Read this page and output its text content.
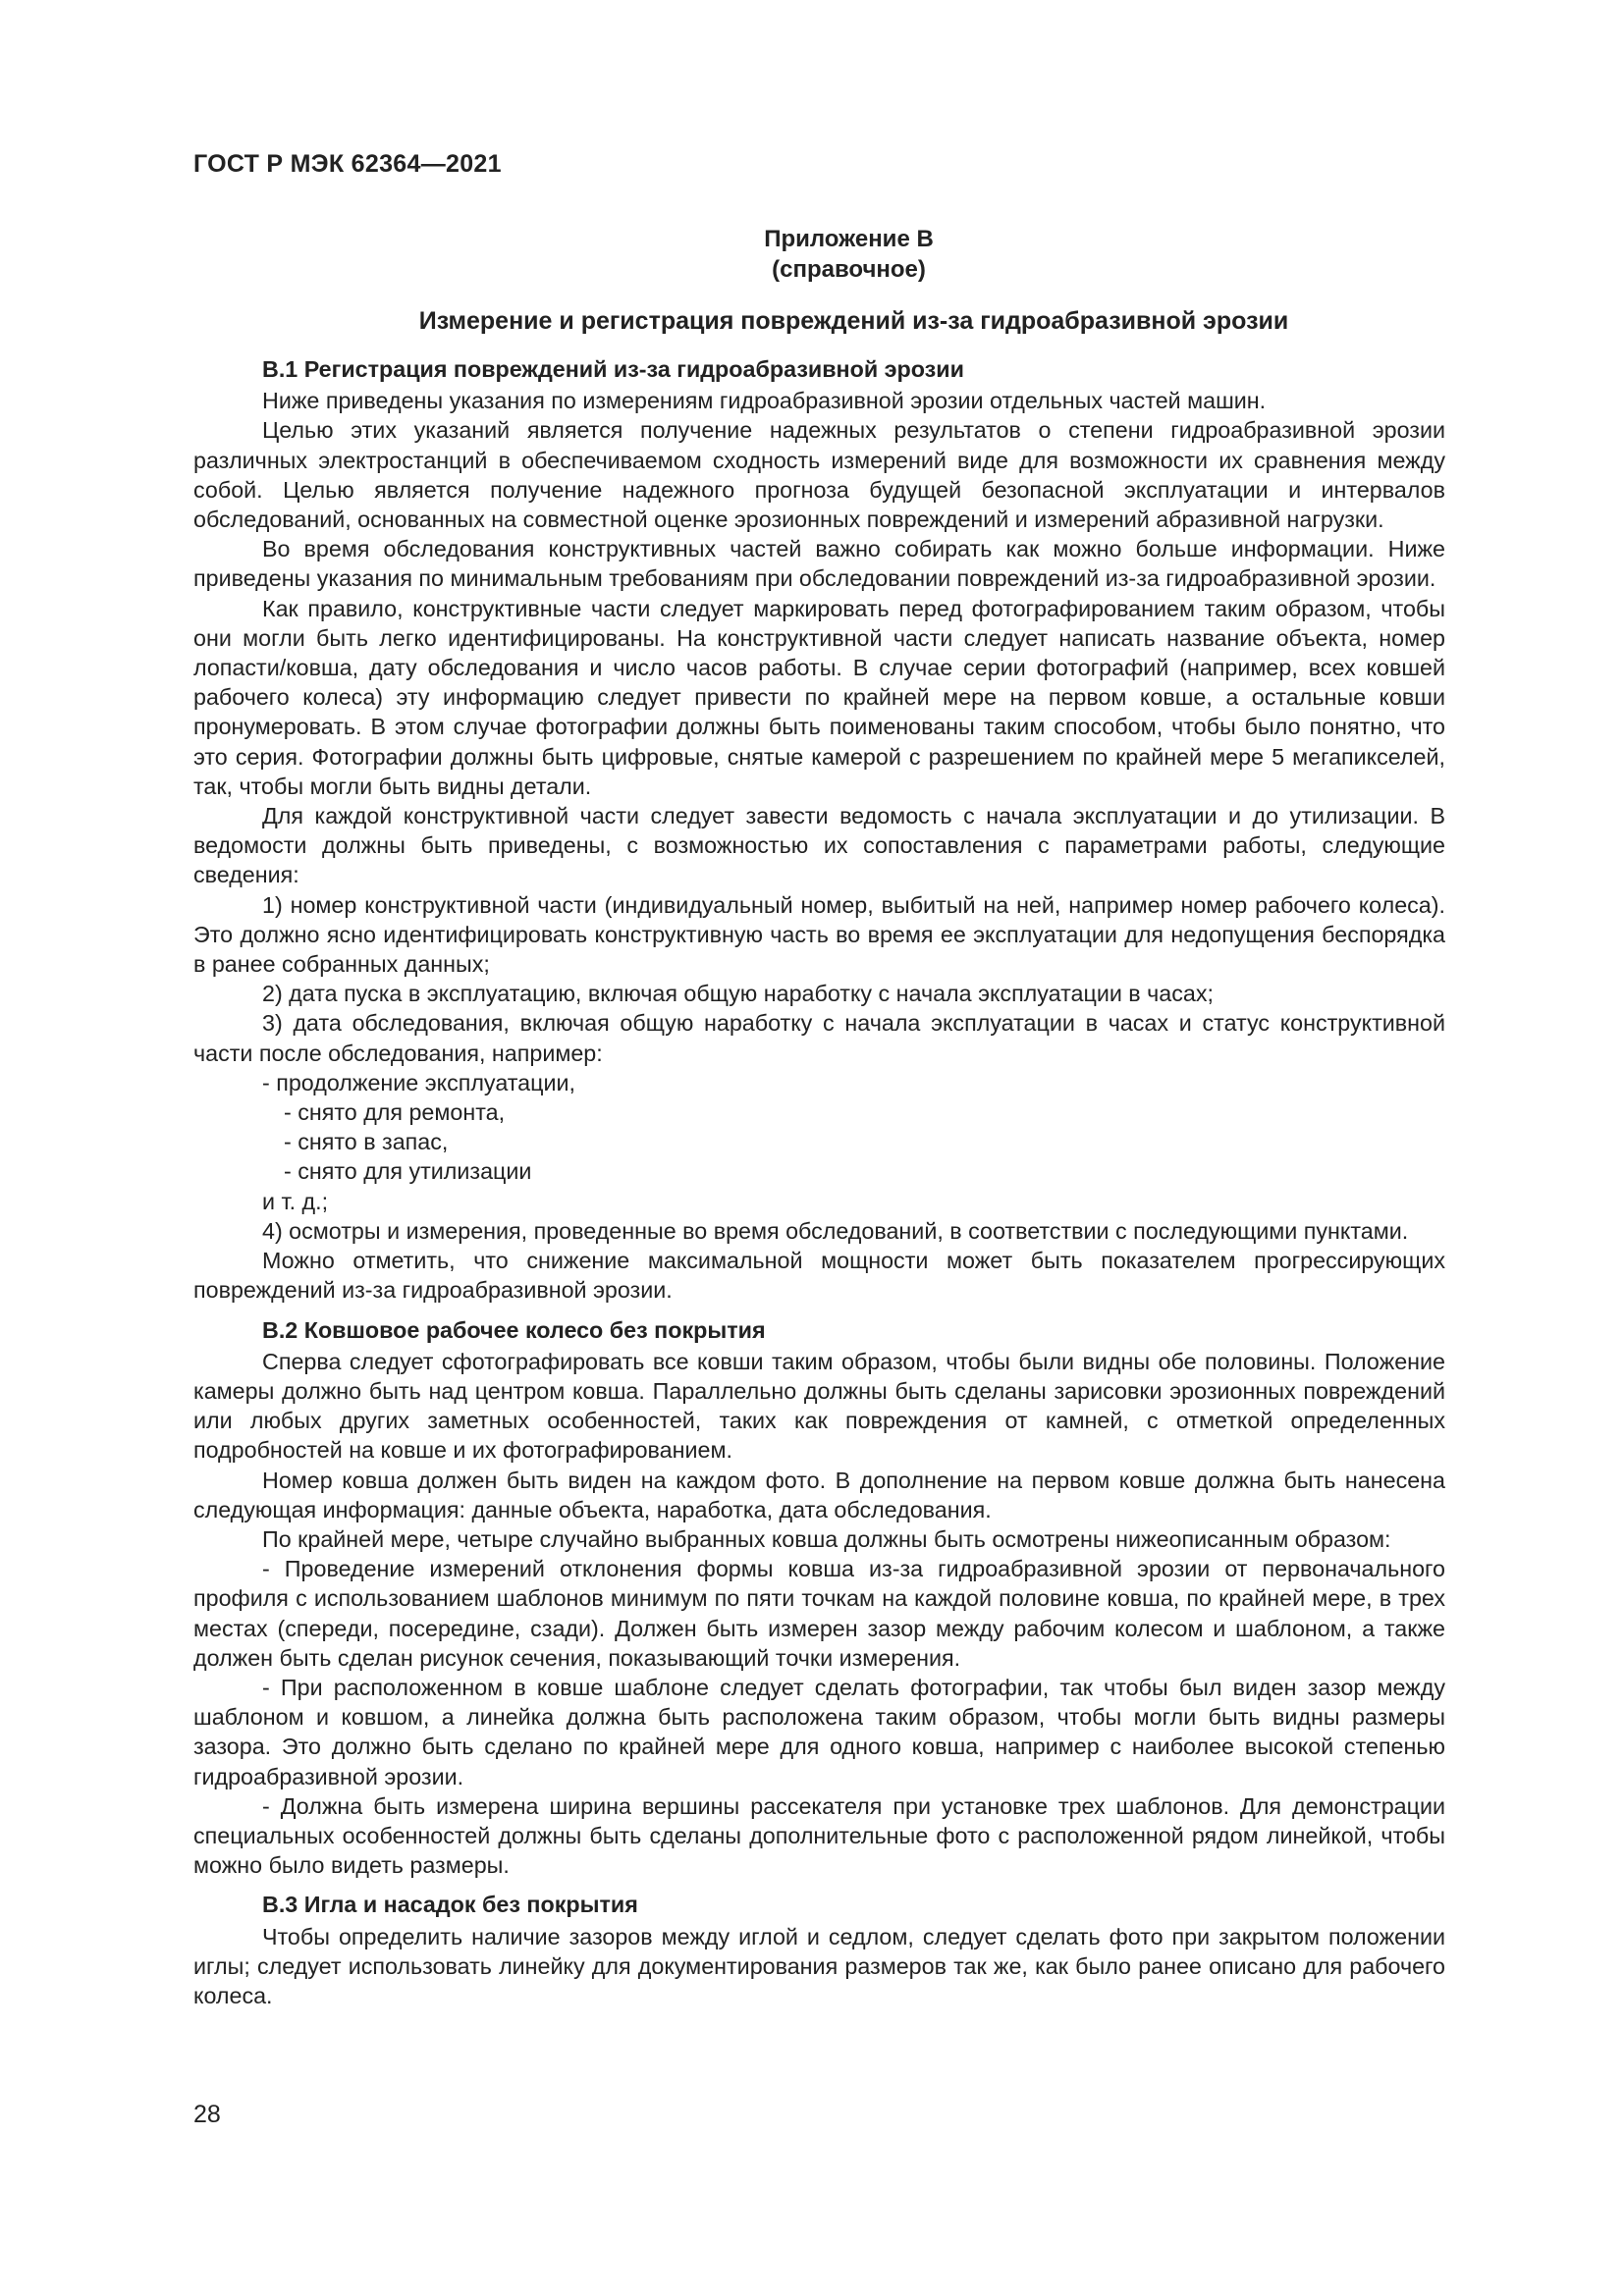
ГОСТ Р МЭК 62364—2021
Приложение В
(справочное)
Измерение и регистрация повреждений из-за гидроабразивной эрозии
В.1 Регистрация повреждений из-за гидроабразивной эрозии

Ниже приведены указания по измерениям гидроабразивной эрозии отдельных частей машин.

Целью этих указаний является получение надежных результатов о степени гидроабразивной эрозии различных электростанций в обеспечиваемом сходность измерений виде для возможности их сравнения между собой. Целью является получение надежного прогноза будущей безопасной эксплуатации и интервалов обследований, основанных на совместной оценке эрозионных повреждений и измерений абразивной нагрузки.

Во время обследования конструктивных частей важно собирать как можно больше информации. Ниже приведены указания по минимальным требованиям при обследовании повреждений из-за гидроабразивной эрозии.

Как правило, конструктивные части следует маркировать перед фотографированием таким образом, чтобы они могли быть легко идентифицированы. На конструктивной части следует написать название объекта, номер лопасти/ковша, дату обследования и число часов работы. В случае серии фотографий (например, всех ковшей рабочего колеса) эту информацию следует привести по крайней мере на первом ковше, а остальные ковши пронумеровать. В этом случае фотографии должны быть поименованы таким способом, чтобы было понятно, что это серия. Фотографии должны быть цифровые, снятые камерой с разрешением по крайней мере 5 мегапикселей, так, чтобы могли быть видны детали.

Для каждой конструктивной части следует завести ведомость с начала эксплуатации и до утилизации. В ведомости должны быть приведены, с возможностью их сопоставления с параметрами работы, следующие сведения:

1) номер конструктивной части (индивидуальный номер, выбитый на ней, например номер рабочего колеса). Это должно ясно идентифицировать конструктивную часть во время ее эксплуатации для недопущения беспорядка в ранее собранных данных;

2) дата пуска в эксплуатацию, включая общую наработку с начала эксплуатации в часах;

3) дата обследования, включая общую наработку с начала эксплуатации в часах и статус конструктивной части после обследования, например:

- продолжение эксплуатации,
- снято для ремонта,
- снято в запас,
- снято для утилизации
и т. д.;

4) осмотры и измерения, проведенные во время обследований, в соответствии с последующими пунктами.

Можно отметить, что снижение максимальной мощности может быть показателем прогрессирующих повреждений из-за гидроабразивной эрозии.

В.2 Ковшовое рабочее колесо без покрытия

Сперва следует сфотографировать все ковши таким образом, чтобы были видны обе половины. Положение камеры должно быть над центром ковша. Параллельно должны быть сделаны зарисовки эрозионных повреждений или любых других заметных особенностей, таких как повреждения от камней, с отметкой определенных подробностей на ковше и их фотографированием.

Номер ковша должен быть виден на каждом фото. В дополнение на первом ковше должна быть нанесена следующая информация: данные объекта, наработка, дата обследования.

По крайней мере, четыре случайно выбранных ковша должны быть осмотрены нижеописанным образом:

- Проведение измерений отклонения формы ковша из-за гидроабразивной эрозии от первоначального профиля с использованием шаблонов минимум по пяти точкам на каждой половине ковша, по крайней мере, в трех местах (спереди, посередине, сзади). Должен быть измерен зазор между рабочим колесом и шаблоном, а также должен быть сделан рисунок сечения, показывающий точки измерения.

- При расположенном в ковше шаблоне следует сделать фотографии, так чтобы был виден зазор между шаблоном и ковшом, а линейка должна быть расположена таким образом, чтобы могли быть видны размеры зазора. Это должно быть сделано по крайней мере для одного ковша, например с наиболее высокой степенью гидроабразивной эрозии.

- Должна быть измерена ширина вершины рассекателя при установке трех шаблонов. Для демонстрации специальных особенностей должны быть сделаны дополнительные фото с расположенной рядом линейкой, чтобы можно было видеть размеры.

В.3 Игла и насадок без покрытия

Чтобы определить наличие зазоров между иглой и седлом, следует сделать фото при закрытом положении иглы; следует использовать линейку для документирования размеров так же, как было ранее описано для рабочего колеса.

28
